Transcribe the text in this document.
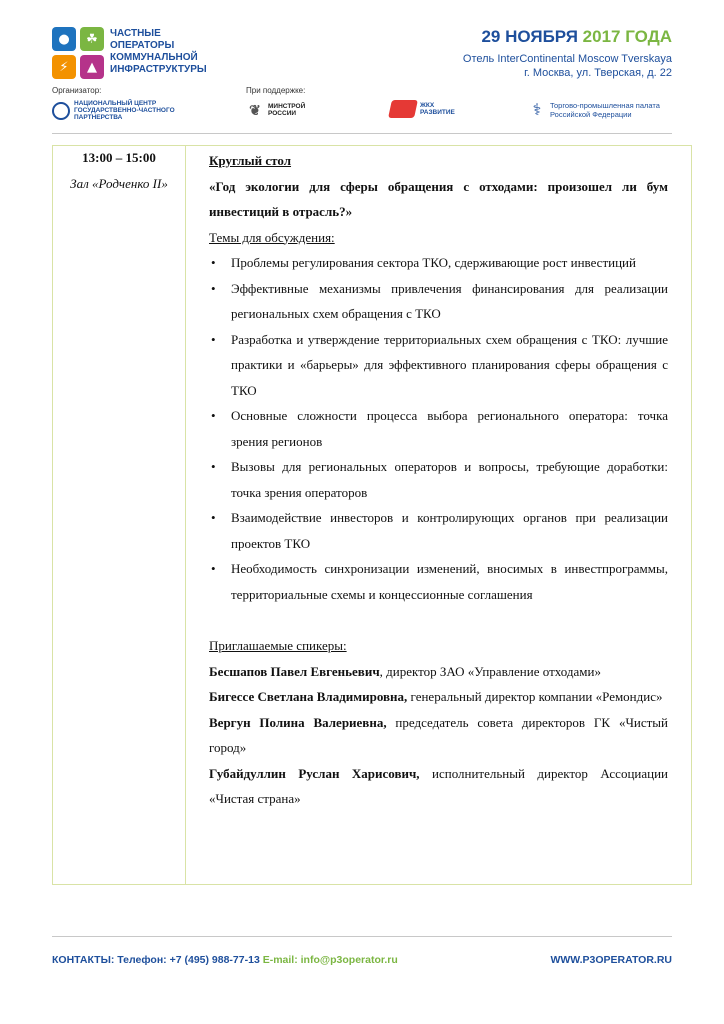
●	☘
⚡	▲
ЧАСТНЫЕ
ОПЕРАТОРЫ
КОММУНАЛЬНОЙ
ИНФРАСТРУКТУРЫ
29 НОЯБРЯ 2017 ГОДА
Отель InterContinental Moscow Tverskaya
г. Москва, ул. Тверская, д. 22
Организатор:	При поддержке:
НАЦИОНАЛЬНЫЙ ЦЕНТР
ГОСУДАРСТВЕННО-ЧАСТНОГО
ПАРТНЕРСТВА	❦	МИНСТРОЙ
РОССИИ
ЖКХ
РАЗВИТИЕ	⚕	Торгово-промышленная палата
Российской Федерации
13:00 – 15:00
Зал «Родченко II»
Круглый стол
«Год экологии для сферы обращения с отходами: произошел ли бум инвестиций в отрасль?»
Темы для обсуждения:
• Проблемы регулирования сектора ТКО, сдерживающие рост инвестиций
• Эффективные механизмы привлечения финансирования для реализации региональных схем обращения с ТКО
• Разработка и утверждение территориальных схем обращения с ТКО: лучшие практики и «барьеры» для эффективного планирования сферы обращения с ТКО
• Основные сложности процесса выбора регионального оператора: точка зрения регионов
• Вызовы для региональных операторов и вопросы, требующие доработки: точка зрения операторов
• Взаимодействие инвесторов и контролирующих органов при реализации проектов ТКО
• Необходимость синхронизации изменений, вносимых в инвестпрограммы, территориальные схемы и концессионные соглашения
Приглашаемые спикеры:
Бесшапов Павел Евгеньевич, директор ЗАО «Управление отходами»
Бигессе Светлана Владимировна, генеральный директор компании «Ремондис»
Вергун Полина Валериевна, председатель совета директоров ГК «Чистый город»
Губайдуллин Руслан Харисович, исполнительный директор Ассоциации «Чистая страна»
КОНТАКТЫ: Телефон: +7 (495) 988-77-13 E-mail: info@p3operator.ru	WWW.P3OPERATOR.RU
